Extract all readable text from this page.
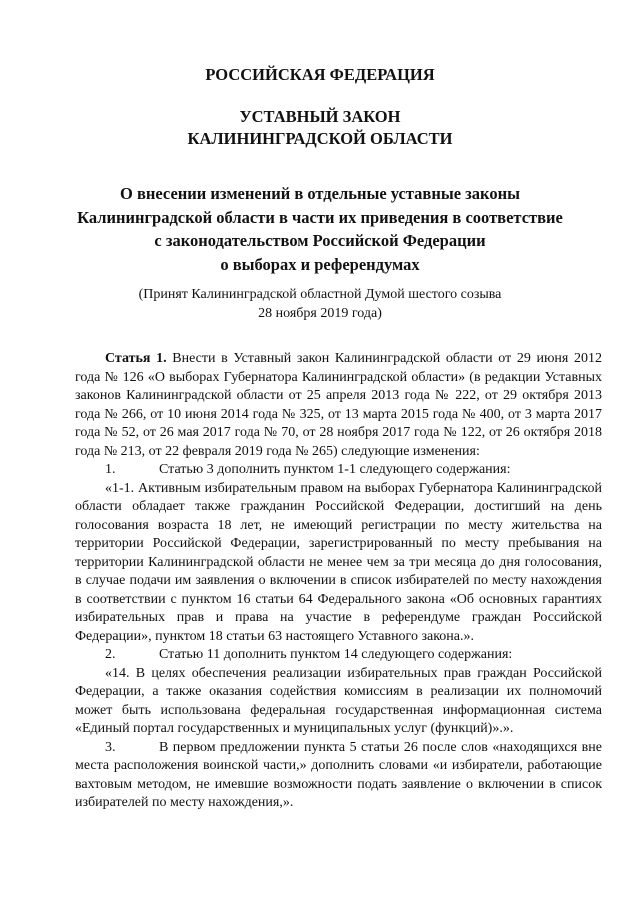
РОССИЙСКАЯ ФЕДЕРАЦИЯ
УСТАВНЫЙ ЗАКОН
КАЛИНИНГРАДСКОЙ ОБЛАСТИ
О внесении изменений в отдельные уставные законы
Калининградской области в части их приведения в соответствие
с законодательством Российской Федерации
о выборах и референдумах
(Принят Калининградской областной Думой шестого созыва
28 ноября 2019 года)

Статья 1. Внести в Уставный закон Калининградской области от 29 июня 2012 года № 126 «О выборах Губернатора Калининградской области» (в редакции Уставных законов Калининградской области от 25 апреля 2013 года № 222, от 29 октября 2013 года № 266, от 10 июня 2014 года № 325, от 13 марта 2015 года № 400, от 3 марта 2017 года № 52, от 26 мая 2017 года № 70, от 28 ноября 2017 года № 122, от 26 октября 2018 года № 213, от 22 февраля 2019 года № 265) следующие изменения:

1.	Статью 3 дополнить пунктом 1-1 следующего содержания:

«1-1. Активным избирательным правом на выборах Губернатора Калининградской области обладает также гражданин Российской Федерации, достигший на день голосования возраста 18 лет, не имеющий регистрации по месту жительства на территории Российской Федерации, зарегистрированный по месту пребывания на территории Калининградской области не менее чем за три месяца до дня голосования, в случае подачи им заявления о включении в список избирателей по месту нахождения в соответствии с пунктом 16 статьи 64 Федерального закона «Об основных гарантиях избирательных прав и права на участие в референдуме граждан Российской Федерации», пунктом 18 статьи 63 настоящего Уставного закона.».

2.	Статью 11 дополнить пунктом 14 следующего содержания:

«14. В целях обеспечения реализации избирательных прав граждан Российской Федерации, а также оказания содействия комиссиям в реализации их полномочий может быть использована федеральная государственная информационная система «Единый портал государственных и муниципальных услуг (функций)».».

3.	В первом предложении пункта 5 статьи 26 после слов «находящихся вне места расположения воинской части,» дополнить словами «и избиратели, работающие вахтовым методом, не имевшие возможности подать заявление о включении в список избирателей по месту нахождения,».
